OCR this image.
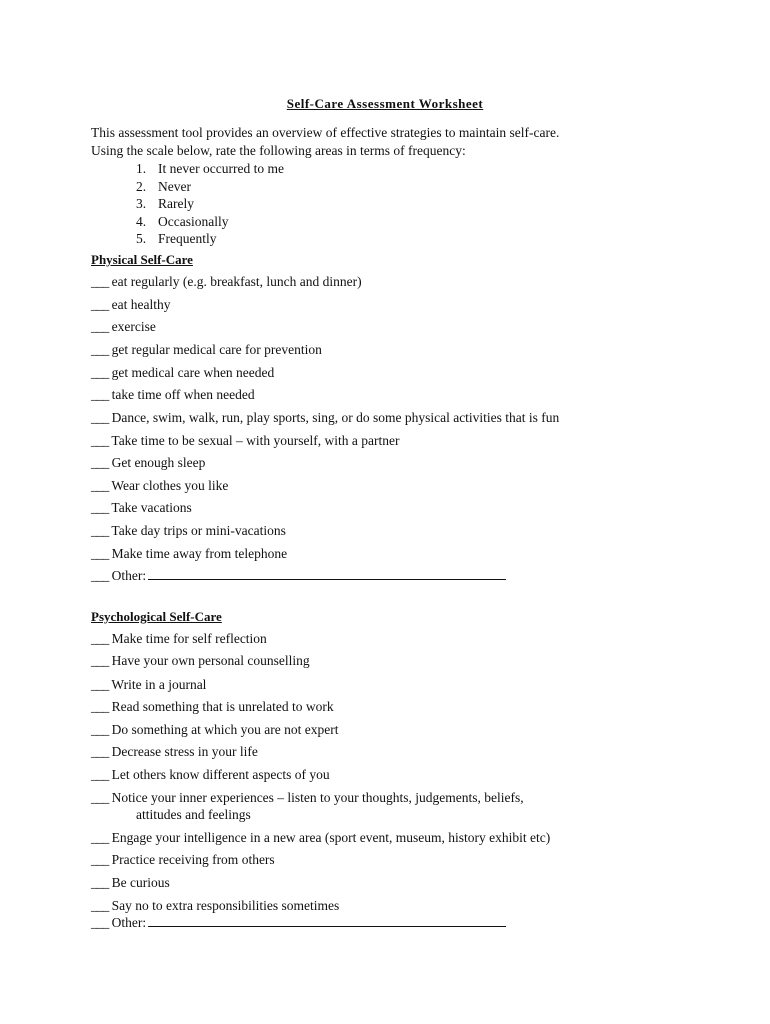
Self-Care Assessment Worksheet

This assessment tool provides an overview of effective strategies to maintain self-care.

Using the scale below, rate the following areas in terms of frequency:

1. It never occurred to me
2. Never
3. Rarely
4. Occasionally
5. Frequently
Physical Self-Care
___ eat regularly (e.g. breakfast, lunch and dinner)
___ eat healthy
___ exercise
___ get regular medical care for prevention
___ get medical care when needed
___ take time off when needed
___ Dance, swim, walk, run, play sports, sing, or do some physical activities that is fun
___ Take time to be sexual – with yourself, with a partner
___ Get enough sleep
___ Wear clothes you like
___ Take vacations
___ Take day trips or mini-vacations
___ Make time away from telephone
___ Other:
Psychological Self-Care
___ Make time for self reflection
___ Have your own personal counselling
___ Write in a journal
___ Read something that is unrelated to work
___ Do something at which you are not expert
___ Decrease stress in your life
___ Let others know different aspects of you
___ Notice your inner experiences – listen to your thoughts, judgements, beliefs,
attitudes and feelings
___ Engage your intelligence in a new area (sport event, museum, history exhibit etc)
___ Practice receiving from others
___ Be curious
___ Say no to extra responsibilities sometimes
___ Other:
